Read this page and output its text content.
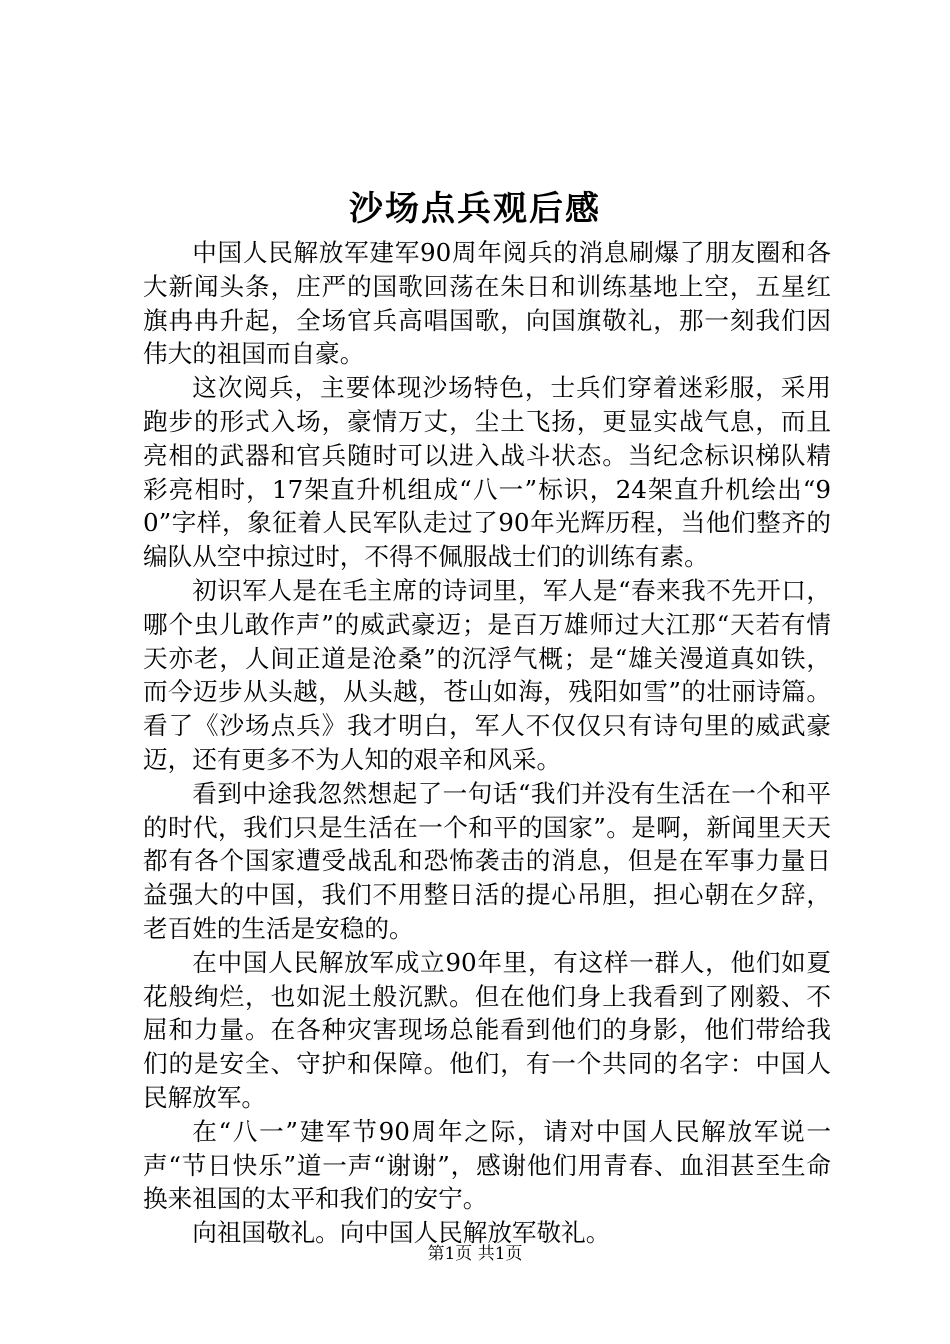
沙场点兵观后感

中国人民解放军建军90周年阅兵的消息刷爆了朋友圈和各大新闻头条，庄严的国歌回荡在朱日和训练基地上空，五星红旗冉冉升起，全场官兵高唱国歌，向国旗敬礼，那一刻我们因伟大的祖国而自豪。

这次阅兵，主要体现沙场特色，士兵们穿着迷彩服，采用跑步的形式入场，豪情万丈，尘土飞扬，更显实战气息，而且亮相的武器和官兵随时可以进入战斗状态。当纪念标识梯队精彩亮相时，17架直升机组成“八一”标识，24架直升机绘出“90”字样，象征着人民军队走过了90年光辉历程，当他们整齐的编队从空中掠过时，不得不佩服战士们的训练有素。

初识军人是在毛主席的诗词里，军人是“春来我不先开口，哪个虫儿敢作声”的威武豪迈；是百万雄师过大江那“天若有情天亦老，人间正道是沧桑”的沉浮气概；是“雄关漫道真如铁，而今迈步从头越，从头越，苍山如海，残阳如雪”的壮丽诗篇。看了《沙场点兵》我才明白，军人不仅仅只有诗句里的威武豪迈，还有更多不为人知的艰辛和风采。

看到中途我忽然想起了一句话“我们并没有生活在一个和平的时代，我们只是生活在一个和平的国家”。是啊，新闻里天天都有各个国家遭受战乱和恐怖袭击的消息，但是在军事力量日益强大的中国，我们不用整日活的提心吊胆，担心朝在夕辞，老百姓的生活是安稳的。

在中国人民解放军成立90年里，有这样一群人，他们如夏花般绚烂，也如泥土般沉默。但在他们身上我看到了刚毅、不屈和力量。在各种灾害现场总能看到他们的身影，他们带给我们的是安全、守护和保障。他们，有一个共同的名字：中国人民解放军。

在“八一”建军节90周年之际，请对中国人民解放军说一声“节日快乐”道一声“谢谢”，感谢他们用青春、血泪甚至生命换来祖国的太平和我们的安宁。

向祖国敬礼。向中国人民解放军敬礼。

第1页 共1页
